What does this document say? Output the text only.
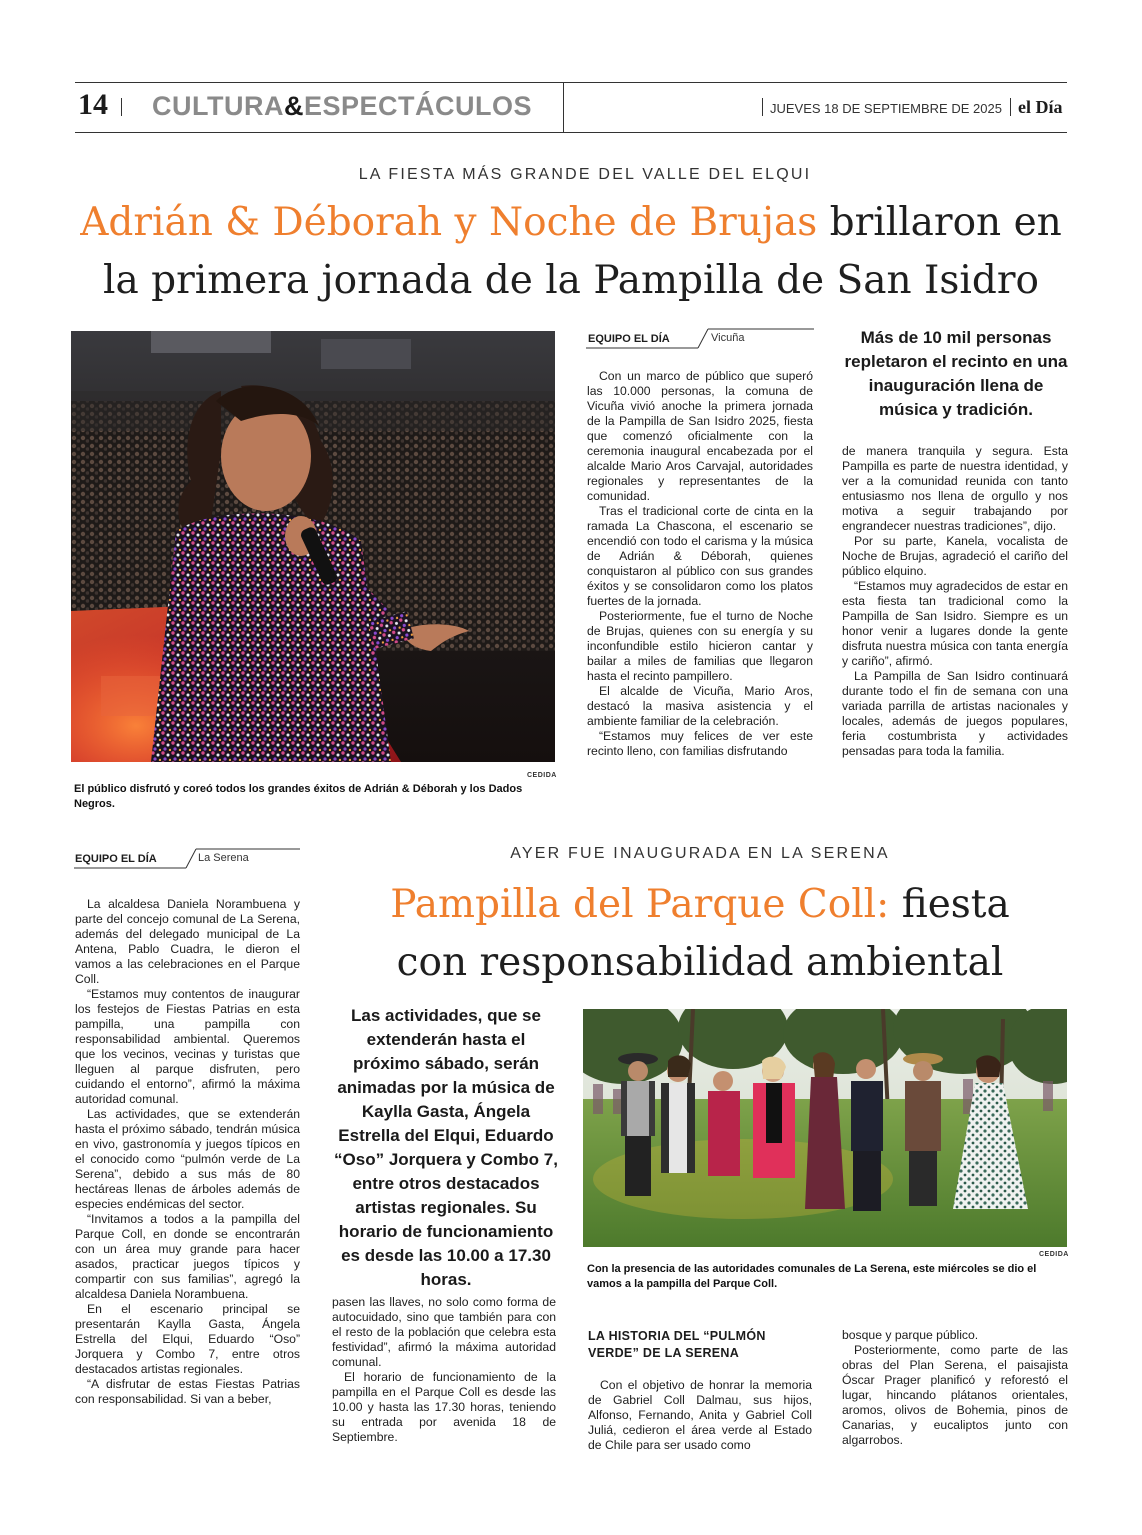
14 CULTURA&ESPECTÁCULOS	JUEVES 18 DE SEPTIEMBRE DE 2025 el Día
LA FIESTA MÁS GRANDE DEL VALLE DEL ELQUI
Adrián & Déborah y Noche de Brujas brillaron en
la primera jornada de la Pampilla de San Isidro
CEDIDA
El público disfrutó y coreó todos los grandes éxitos de Adrián & Déborah y los Dados Negros.
EQUIPO EL DÍA	Vicuña

Con un marco de público que superó las 10.000 personas, la comuna de Vicuña vivió anoche la primera jornada de la Pampilla de San Isidro 2025, fiesta que comenzó oficialmente con la ceremonia inaugural encabezada por el alcalde Mario Aros Carvajal, autoridades regionales y representantes de la comunidad.

Tras el tradicional corte de cinta en la ramada La Chascona, el escenario se encendió con todo el carisma y la música de Adrián & Déborah, quienes conquistaron al público con sus grandes éxitos y se consolidaron como los platos fuertes de la jornada.

Posteriormente, fue el turno de Noche de Brujas, quienes con su energía y su inconfundible estilo hicieron cantar y bailar a miles de familias que llegaron hasta el recinto pampillero.

El alcalde de Vicuña, Mario Aros, destacó la masiva asistencia y el ambiente familiar de la celebración.

“Estamos muy felices de ver este recinto lleno, con familias disfrutando

Más de 10 mil personas repletaron el recinto en una inauguración llena de música y tradición.

de manera tranquila y segura. Esta Pampilla es parte de nuestra identidad, y ver a la comunidad reunida con tanto entusiasmo nos llena de orgullo y nos motiva a seguir trabajando por engrandecer nuestras tradiciones”, dijo.

Por su parte, Kanela, vocalista de Noche de Brujas, agradeció el cariño del público elquino.

“Estamos muy agradecidos de estar en esta fiesta tan tradicional como la Pampilla de San Isidro. Siempre es un honor venir a lugares donde la gente disfruta nuestra música con tanta energía y cariño”, afirmó.

La Pampilla de San Isidro continuará durante todo el fin de semana con una variada parrilla de artistas nacionales y locales, además de juegos populares, feria costumbrista y actividades pensadas para toda la familia.

EQUIPO EL DÍA	La Serena	AYER FUE INAUGURADA EN LA SERENA
Pampilla del Parque Coll: fiesta
con responsabilidad ambiental

La alcaldesa Daniela Norambuena y parte del concejo comunal de La Serena, además del delegado municipal de La Antena, Pablo Cuadra, le dieron el vamos a las celebraciones en el Parque Coll.

“Estamos muy contentos de inaugurar los festejos de Fiestas Patrias en esta pampilla, una pampilla con responsabilidad ambiental. Queremos que los vecinos, vecinas y turistas que lleguen al parque disfruten, pero cuidando el entorno”, afirmó la máxima autoridad comunal.

Las actividades, que se extenderán hasta el próximo sábado, tendrán música en vivo, gastronomía y juegos típicos en el conocido como “pulmón verde de La Serena”, debido a sus más de 80 hectáreas llenas de árboles además de especies endémicas del sector.

“Invitamos a todos a la pampilla del Parque Coll, en donde se encontrarán con un área muy grande para hacer asados, practicar juegos típicos y compartir con sus familias”, agregó la alcaldesa Daniela Norambuena.

En el escenario principal se presentarán Kaylla Gasta, Ángela Estrella del Elqui, Eduardo “Oso” Jorquera y Combo 7, entre otros destacados artistas regionales.

“A disfrutar de estas Fiestas Patrias con responsabilidad. Si van a beber,

Las actividades, que se extenderán hasta el próximo sábado, serán animadas por la música de Kaylla Gasta, Ángela Estrella del Elqui, Eduardo “Oso” Jorquera y Combo 7, entre otros destacados artistas regionales. Su horario de funcionamiento es desde las 10.00 a 17.30 horas.

pasen las llaves, no solo como forma de autocuidado, sino que también para con el resto de la población que celebra esta festividad”, afirmó la máxima autoridad comunal.

El horario de funcionamiento de la pampilla en el Parque Coll es desde las 10.00 y hasta las 17.30 horas, teniendo su entrada por avenida 18 de Septiembre.

CEDIDA
Con la presencia de las autoridades comunales de La Serena, este miércoles se dio el vamos a la pampilla del Parque Coll.
LA HISTORIA DEL “PULMÓN VERDE” DE LA SERENA

Con el objetivo de honrar la memoria de Gabriel Coll Dalmau, sus hijos, Alfonso, Fernando, Anita y Gabriel Coll Juliá, cedieron el área verde al Estado de Chile para ser usado como

bosque y parque público.

Posteriormente, como parte de las obras del Plan Serena, el paisajista Óscar Prager planificó y reforestó el lugar, hincando plátanos orientales, aromos, olivos de Bohemia, pinos de Canarias, y eucaliptos junto con algarrobos.
